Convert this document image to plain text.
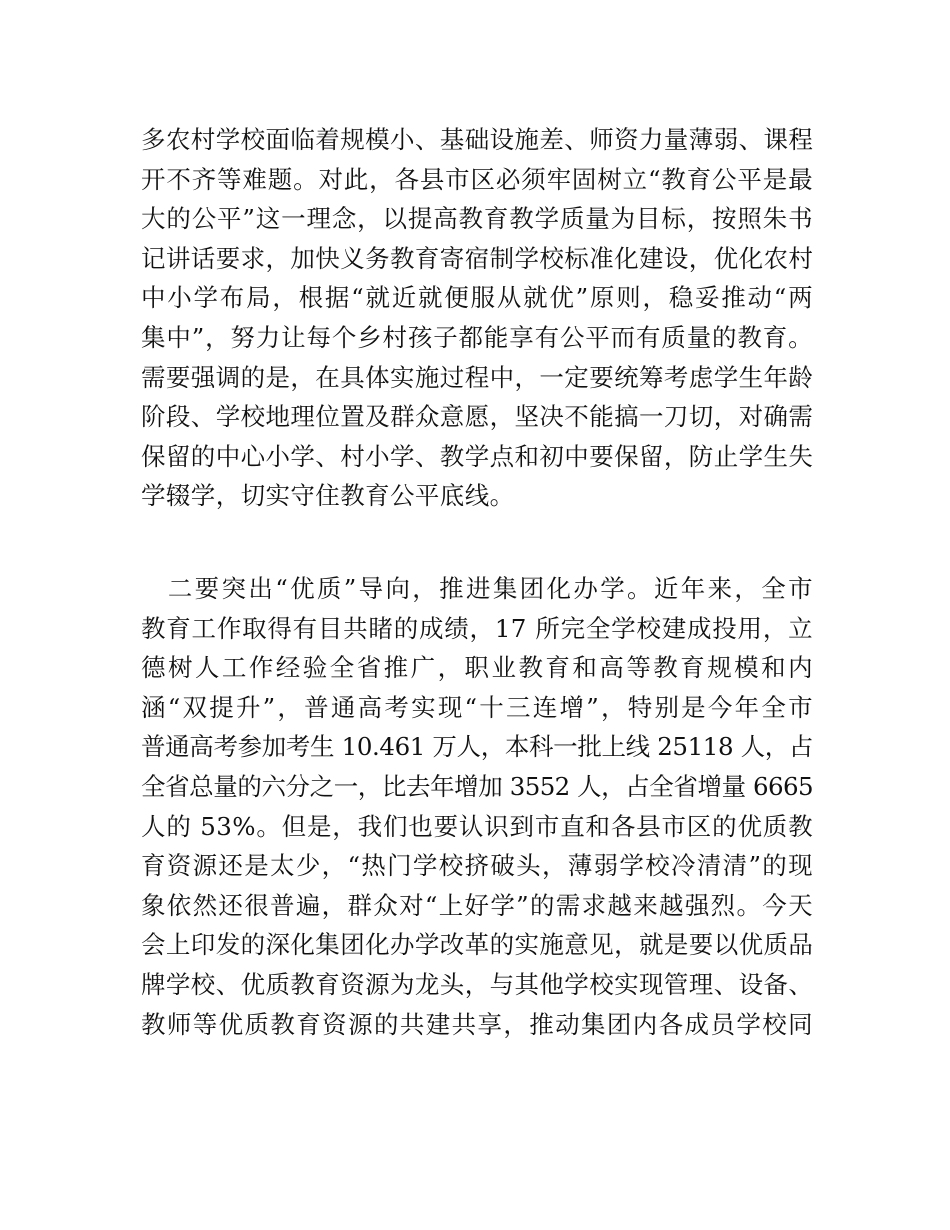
多农村学校面临着规模小、基础设施差、师资力量薄弱、课程
开不齐等难题。对此，各县市区必须牢固树立“教育公平是最
大的公平”这一理念，以提高教育教学质量为目标，按照朱书
记讲话要求，加快义务教育寄宿制学校标准化建设，优化农村
中小学布局，根据“就近就便服从就优”原则，稳妥推动“两
集中”，努力让每个乡村孩子都能享有公平而有质量的教育。
需要强调的是，在具体实施过程中，一定要统筹考虑学生年龄
阶段、学校地理位置及群众意愿，坚决不能搞一刀切，对确需
保留的中心小学、村小学、教学点和初中要保留，防止学生失
学辍学，切实守住教育公平底线。
　二要突出“优质”导向，推进集团化办学。近年来，全市
教育工作取得有目共睹的成绩，17 所完全学校建成投用，立
德树人工作经验全省推广，职业教育和高等教育规模和内
涵“双提升”，普通高考实现“十三连增”，特别是今年全市
普通高考参加考生 10.461 万人，本科一批上线 25118 人，占
全省总量的六分之一，比去年增加 3552 人，占全省增量 6665
人的 53%。但是，我们也要认识到市直和各县市区的优质教
育资源还是太少，“热门学校挤破头，薄弱学校冷清清”的现
象依然还很普遍，群众对“上好学”的需求越来越强烈。今天
会上印发的深化集团化办学改革的实施意见，就是要以优质品
牌学校、优质教育资源为龙头，与其他学校实现管理、设备、
教师等优质教育资源的共建共享，推动集团内各成员学校同
